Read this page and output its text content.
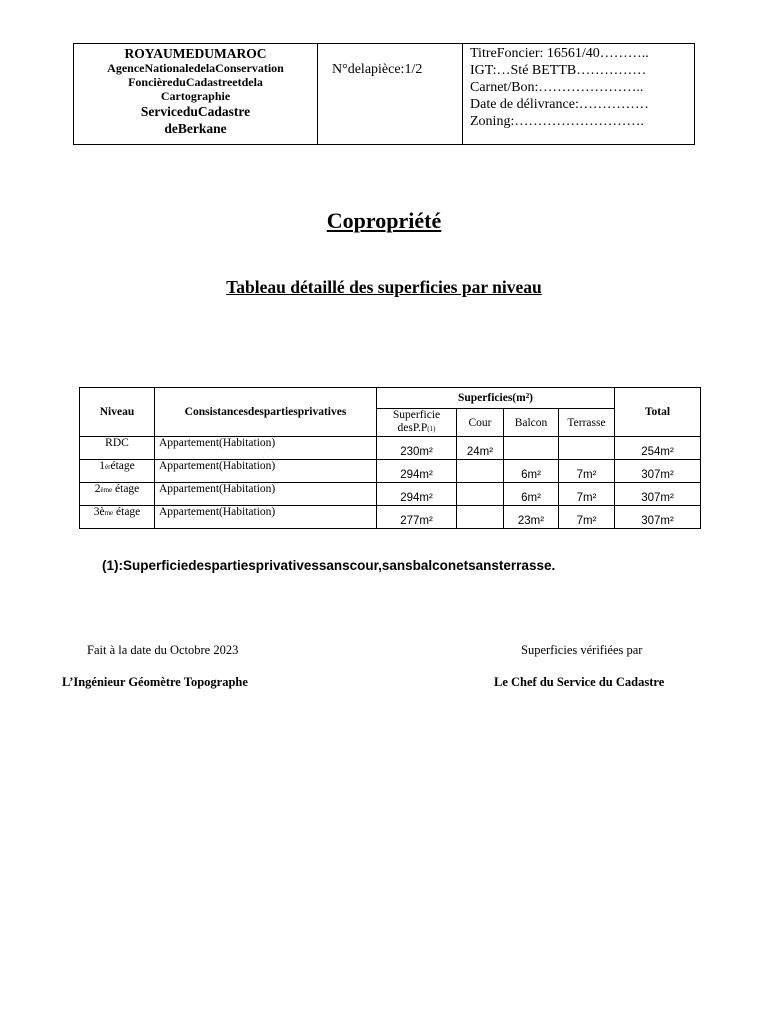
ROYAUMEDUMAROC
AgenceNationaledelaConservation
FoncièreduCadastreetdela
Cartographie
ServiceduCadastre
deBerkane
N°delapièce:1/2
TitreFoncier: 16561/40………..
IGT:…Sté BETTB……………
Carnet/Bon:…………………..
Date de délivrance:……………
Zoning:……………………….
Copropriété
Tableau détaillé des superficies par niveau
Niveau	Consistancesdespartiesprivatives	Superficies(m²)				Total
		Superficie
desP.P(1)	Cour	Balcon	Terrasse	
RDC	Appartement(Habitation)	230m²	24m²			254m²
1érétage	Appartement(Habitation)	294m²		6m²	7m²	307m²
2ème étage	Appartement(Habitation)	294m²		6m²	7m²	307m²
3ème étage	Appartement(Habitation)	277m²		23m²	7m²	307m²
(1):Superficiedespartiesprivativessanscour,sansbalconetsansterrasse.
Fait à la date du Octobre 2023	Superficies vérifiées par
L’Ingénieur Géomètre Topographe	Le Chef du Service du Cadastre
